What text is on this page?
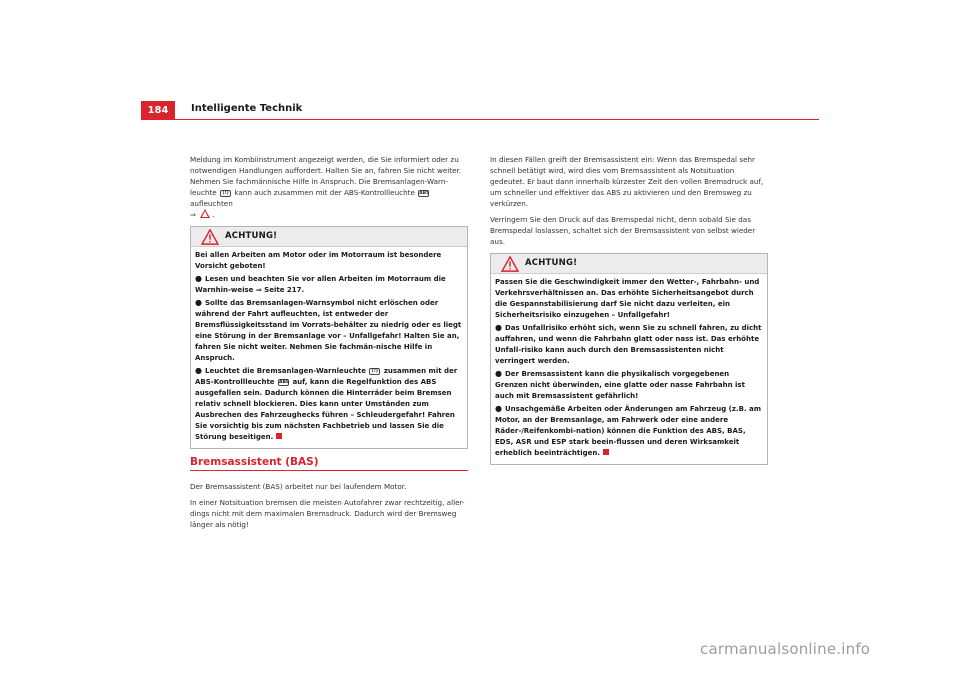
184	Intelligente Technik

Meldung im Kombiinstrument angezeigt werden, die Sie informiert oder zu notwendigen Handlungen auffordert. Halten Sie an, fahren Sie nicht weiter. Nehmen Sie fachmännische Hilfe in Anspruch. Die Bremsanlagen-Warn-leuchte (!) kann auch zusammen mit der ABS-Kontrollleuchte ABS aufleuchten
⇒ .

ACHTUNG!

Bei allen Arbeiten am Motor oder im Motorraum ist besondere Vorsicht geboten!

● Lesen und beachten Sie vor allen Arbeiten im Motorraum die Warnhin-weise ⇒ Seite 217.

● Sollte das Bremsanlagen-Warnsymbol nicht erlöschen oder während der Fahrt aufleuchten, ist entweder der Bremsflüssigkeitsstand im Vorrats-behälter zu niedrig oder es liegt eine Störung in der Bremsanlage vor – Unfallgefahr! Halten Sie an, fahren Sie nicht weiter. Nehmen Sie fachmän-nische Hilfe in Anspruch.

● Leuchtet die Bremsanlagen-Warnleuchte (!) zusammen mit der ABS-Kontrollleuchte ABS auf, kann die Regelfunktion des ABS ausgefallen sein. Dadurch können die Hinterräder beim Bremsen relativ schnell blockieren. Dies kann unter Umständen zum Ausbrechen des Fahrzeughecks führen – Schleudergefahr! Fahren Sie vorsichtig bis zum nächsten Fachbetrieb und lassen Sie die Störung beseitigen.

Bremsassistent (BAS)

Der Bremsassistent (BAS) arbeitet nur bei laufendem Motor.

In einer Notsituation bremsen die meisten Autofahrer zwar rechtzeitig, aller-dings nicht mit dem maximalen Bremsdruck. Dadurch wird der Bremsweg länger als nötig!

In diesen Fällen greift der Bremsassistent ein: Wenn das Bremspedal sehr schnell betätigt wird, wird dies vom Bremsassistent als Notsituation gedeutet. Er baut dann innerhalb kürzester Zeit den vollen Bremsdruck auf, um schneller und effektiver das ABS zu aktivieren und den Bremsweg zu verkürzen.

Verringern Sie den Druck auf das Bremspedal nicht, denn sobald Sie das Bremspedal loslassen, schaltet sich der Bremsassistent von selbst wieder aus.

ACHTUNG!

Passen Sie die Geschwindigkeit immer den Wetter-, Fahrbahn- und Verkehrsverhältnissen an. Das erhöhte Sicherheitsangebot durch die Gespannstabilisierung darf Sie nicht dazu verleiten, ein Sicherheitsrisiko einzugehen – Unfallgefahr!

● Das Unfallrisiko erhöht sich, wenn Sie zu schnell fahren, zu dicht auffahren, und wenn die Fahrbahn glatt oder nass ist. Das erhöhte Unfall-risiko kann auch durch den Bremsassistenten nicht verringert werden.

● Der Bremsassistent kann die physikalisch vorgegebenen Grenzen nicht überwinden, eine glatte oder nasse Fahrbahn ist auch mit Bremsassistent gefährlich!

● Unsachgemäße Arbeiten oder Änderungen am Fahrzeug (z.B. am Motor, an der Bremsanlage, am Fahrwerk oder eine andere Räder-/Reifenkombi-nation) können die Funktion des ABS, BAS, EDS, ASR und ESP stark beein-flussen und deren Wirksamkeit erheblich beeinträchtigen.

carmanualsonline.info
